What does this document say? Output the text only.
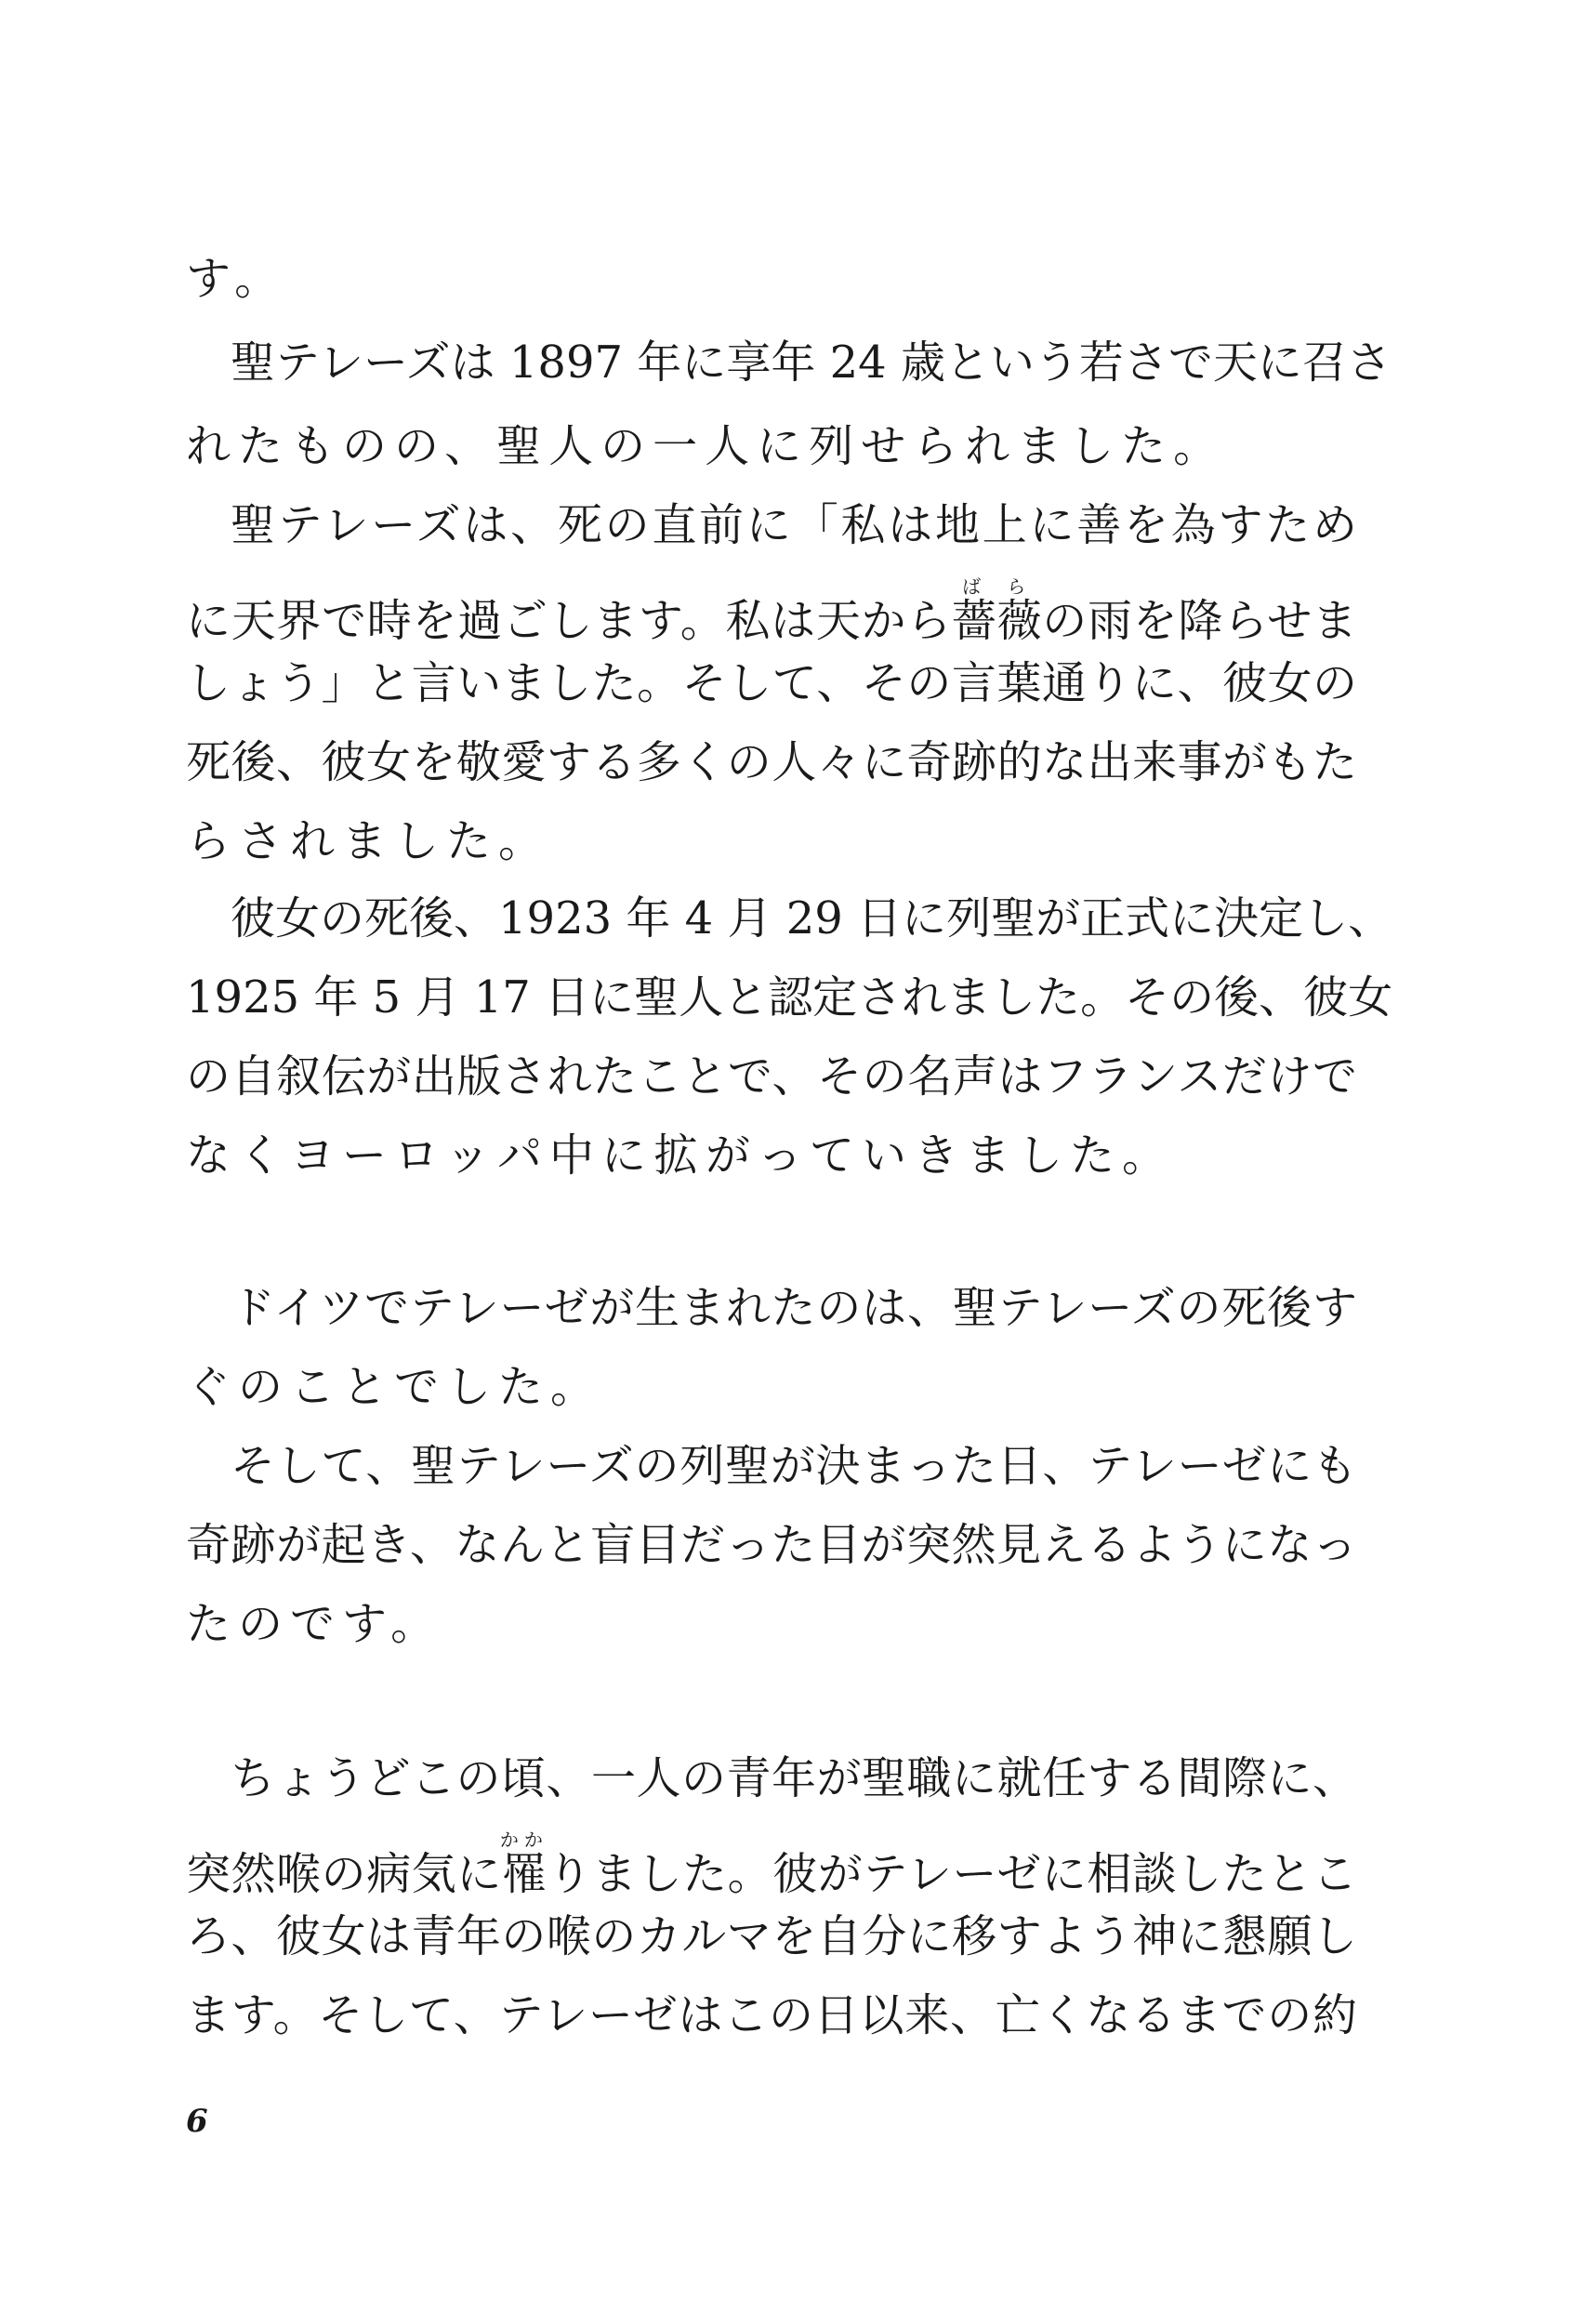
す。
聖テレーズは 1897 年に享年 24 歳という若さで天に召さ
れたものの、聖人の一人に列せられました。
聖テレーズは、死の直前に「私は地上に善を為すため
に天界で時を過ごします。私は天から薔薇ばらの雨を降らせま
しょう」と言いました。そして、その言葉通りに、彼女の
死後、彼女を敬愛する多くの人々に奇跡的な出来事がもた
らされました。
彼女の死後、1923 年 4 月 29 日に列聖が正式に決定し、
1925 年 5 月 17 日に聖人と認定されました。その後、彼女
の自叙伝が出版されたことで、その名声はフランスだけで
なくヨーロッパ中に拡がっていきました。
ドイツでテレーゼが生まれたのは、聖テレーズの死後す
ぐのことでした。
そして、聖テレーズの列聖が決まった日、テレーゼにも
奇跡が起き、なんと盲目だった目が突然見えるようになっ
たのです。
ちょうどこの頃、一人の青年が聖職に就任する間際に、
突然喉の病気に罹かかりました。彼がテレーゼに相談したとこ
ろ、彼女は青年の喉のカルマを自分に移すよう神に懇願し
ます。そして、テレーゼはこの日以来、亡くなるまでの約
6
